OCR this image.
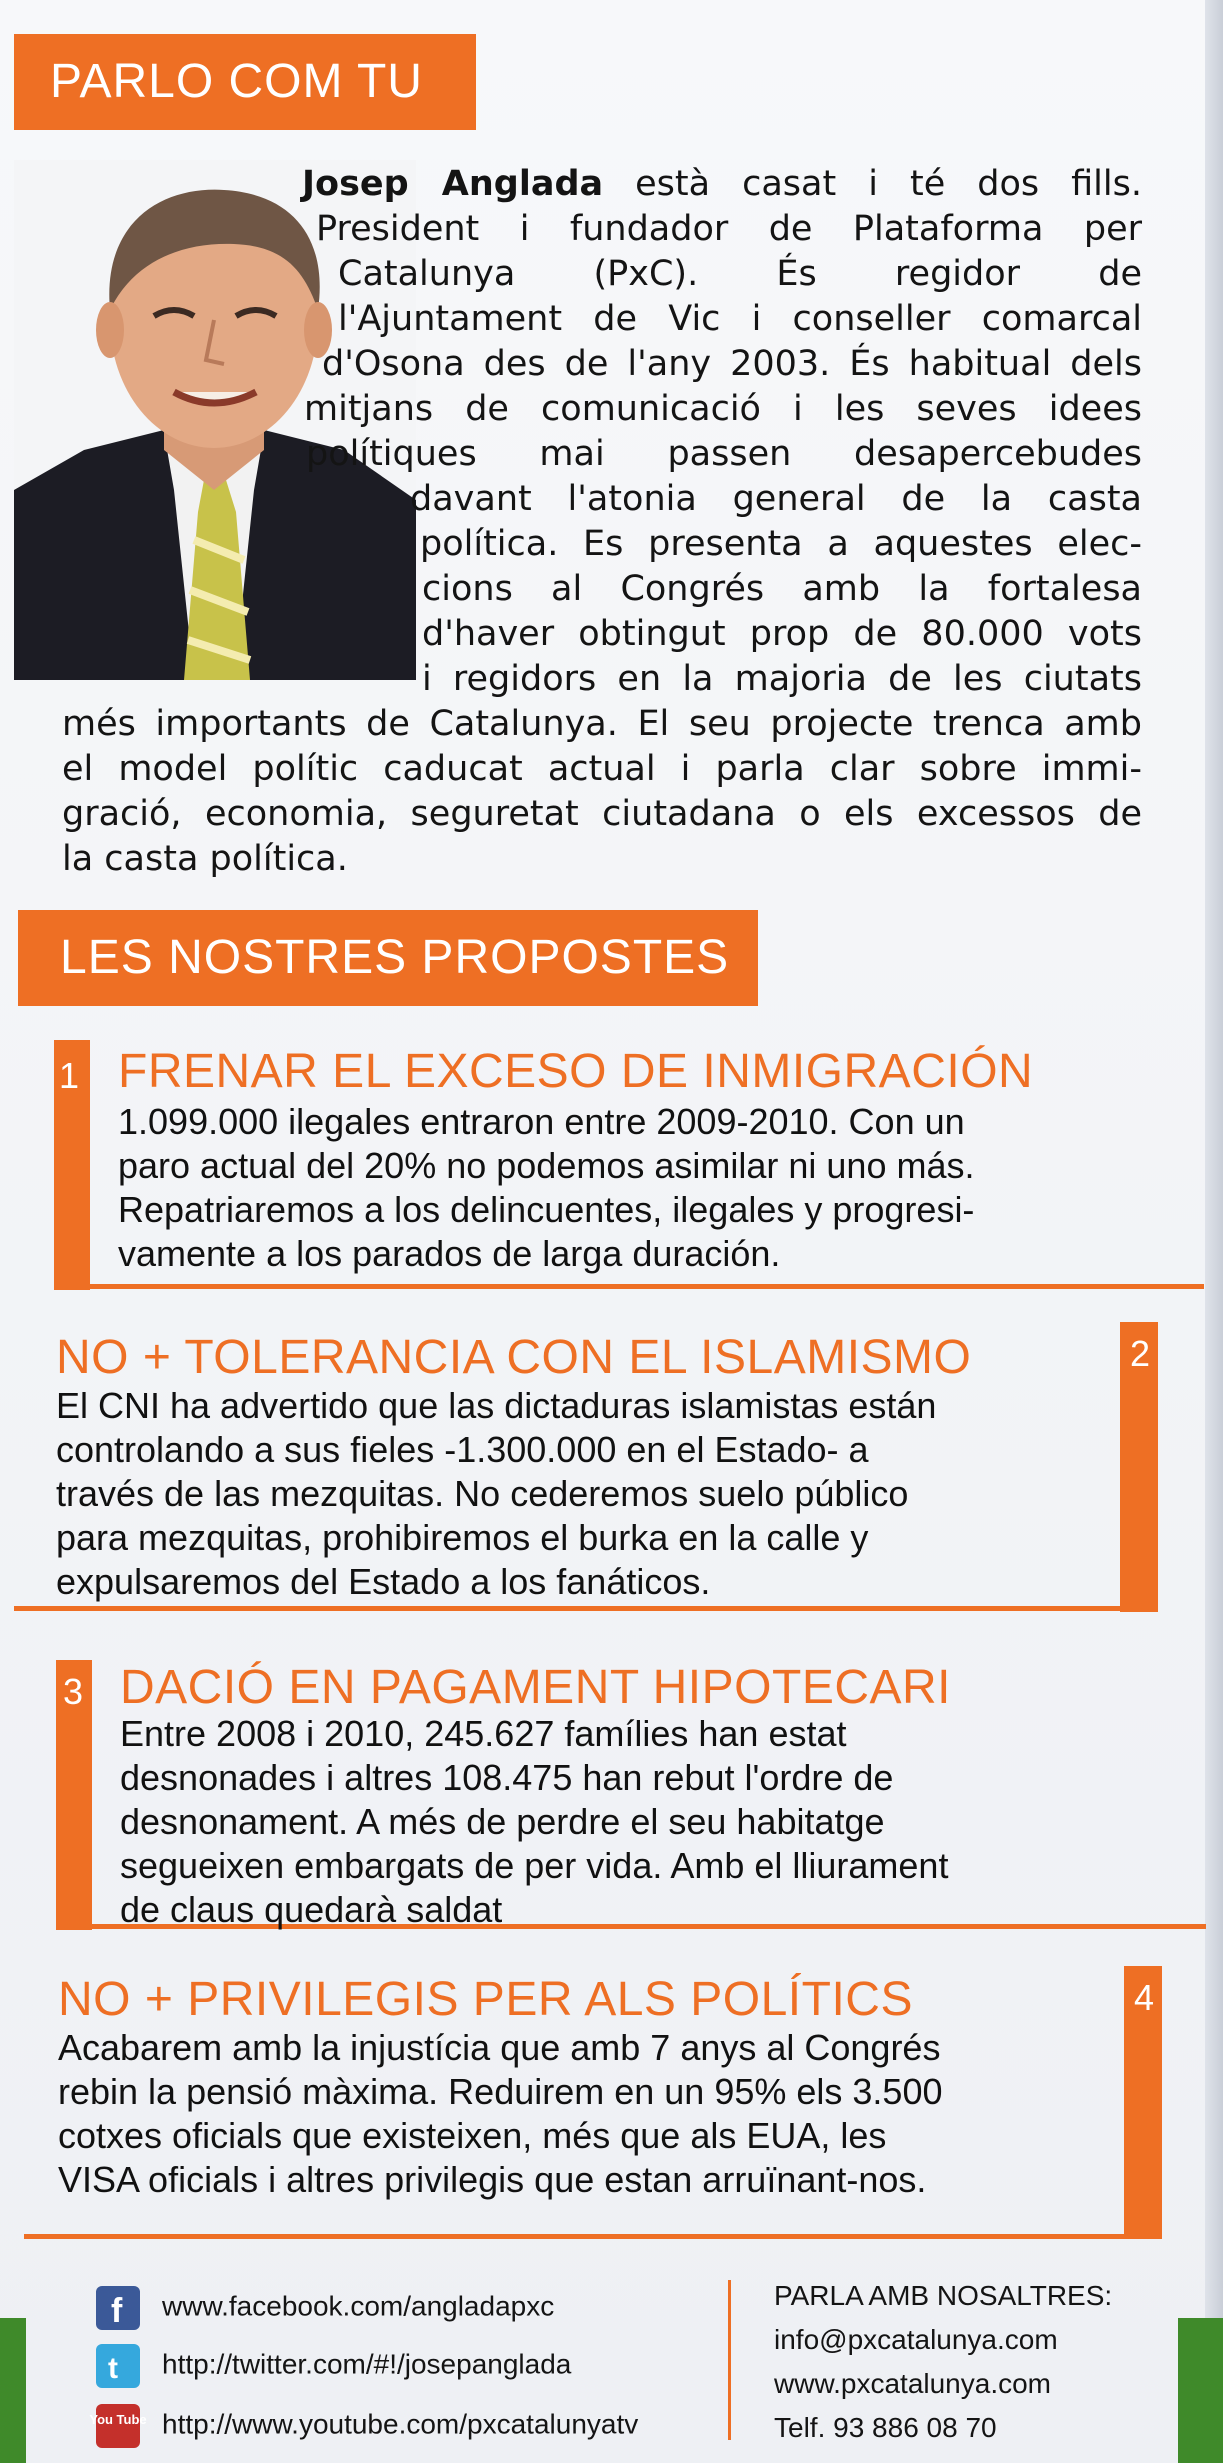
PARLO COM TU

Josep Anglada està casat i té dos fills.

President i fundador de Plataforma per

Catalunya (PxC). És regidor de

l'Ajuntament de Vic i conseller comarcal

d'Osona des de l'any 2003. És habitual dels

mitjans de comunicació i les seves idees

polítiques mai passen desapercebudes

davant l'atonia general de la casta

política. Es presenta a aquestes elec-

cions al Congrés amb la fortalesa

d'haver obtingut prop de 80.000 vots

i regidors en la majoria de les ciutats

més importants de Catalunya. El seu projecte trenca amb

el model polític caducat actual i parla clar sobre immi-

gració, economia, seguretat ciutadana o els excessos de

la casta política.

LES NOSTRES PROPOSTES
1 FRENAR EL EXCESO DE INMIGRACIÓN
1.099.000 ilegales entraron entre 2009-2010. Con un
paro actual del 20% no podemos asimilar ni uno más.
Repatriaremos a los delincuentes, ilegales y progresi-
vamente a los parados de larga duración.
2
NO + TOLERANCIA CON EL ISLAMISMO
El CNI ha advertido que las dictaduras islamistas están
controlando a sus fieles -1.300.000 en el Estado- a
través de las mezquitas. No cederemos suelo público
para mezquitas, prohibiremos el burka en la calle y
expulsaremos del Estado a los fanáticos.
3 DACIÓ EN PAGAMENT HIPOTECARI
Entre 2008 i 2010, 245.627 famílies han estat
desnonades i altres 108.475 han rebut l'ordre de
desnonament. A més de perdre el seu habitatge
segueixen embargats de per vida. Amb el lliurament
de claus quedarà saldat
4
NO + PRIVILEGIS PER ALS POLÍTICS
Acabarem amb la injustícia que amb 7 anys al Congrés
rebin la pensió màxima. Reduirem en un 95% els 3.500
cotxes oficials que existeixen, més que als EUA, les
VISA oficials i altres privilegis que estan arruïnant-nos.
f www.facebook.com/angladapxc
t http://twitter.com/#!/josepanglada
You Tube http://www.youtube.com/pxcatalunyatv
PARLA AMB NOSALTRES:
info@pxcatalunya.com
www.pxcatalunya.com
Telf. 93 886 08 70
